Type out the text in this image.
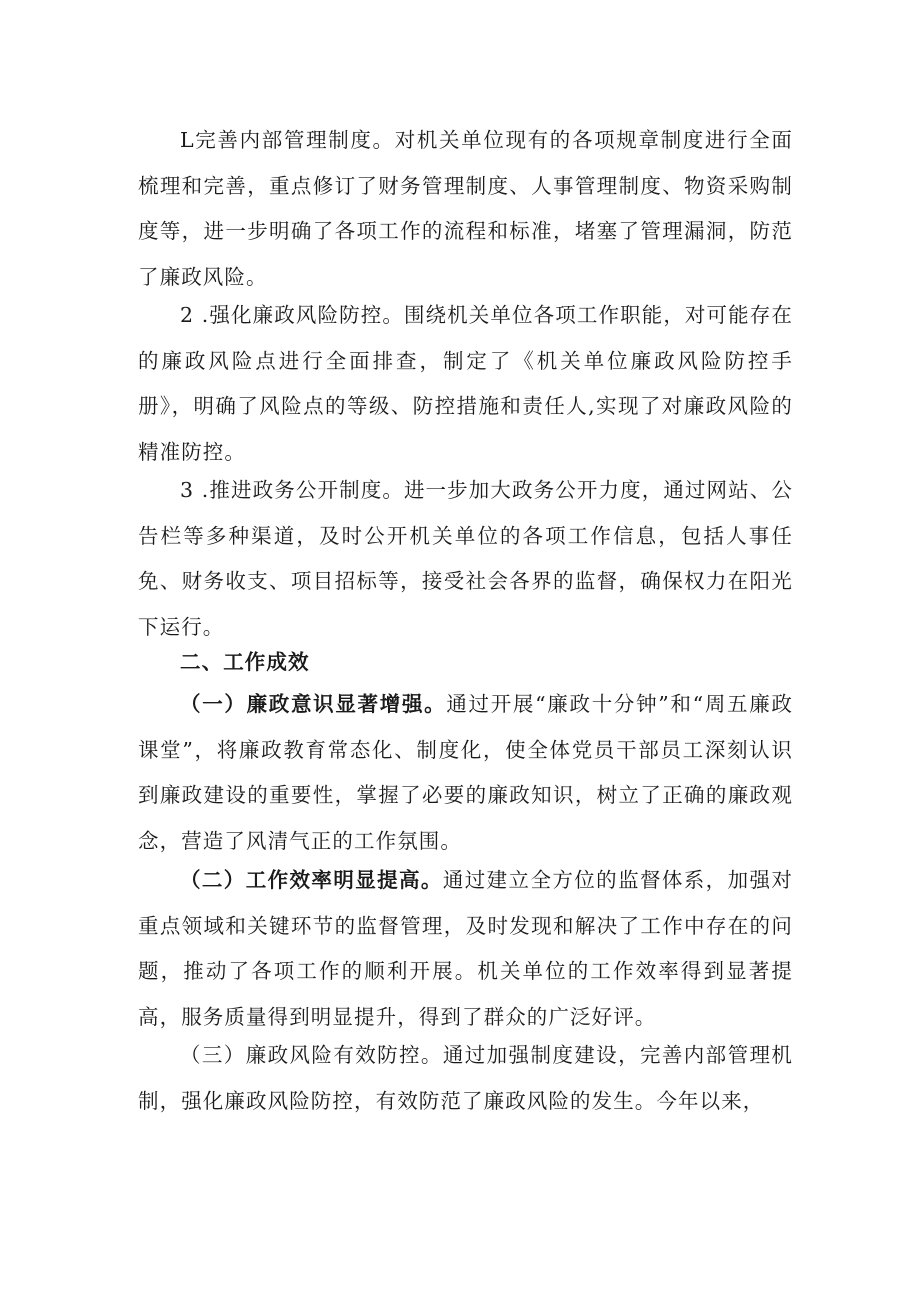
L完善内部管理制度。对机关单位现有的各项规章制度进行全面梳理和完善，重点修订了财务管理制度、人事管理制度、物资采购制度等，进一步明确了各项工作的流程和标准，堵塞了管理漏洞，防范了廉政风险。

2 .强化廉政风险防控。围绕机关单位各项工作职能，对可能存在的廉政风险点进行全面排查，制定了《机关单位廉政风险防控手册》，明确了风险点的等级、防控措施和责任人,实现了对廉政风险的精准防控。

3 .推进政务公开制度。进一步加大政务公开力度，通过网站、公告栏等多种渠道，及时公开机关单位的各项工作信息，包括人事任免、财务收支、项目招标等，接受社会各界的监督，确保权力在阳光下运行。

二、工作成效

（一）廉政意识显著增强。通过开展“廉政十分钟”和“周五廉政课堂”，将廉政教育常态化、制度化，使全体党员干部员工深刻认识到廉政建设的重要性，掌握了必要的廉政知识，树立了正确的廉政观念，营造了风清气正的工作氛围。

（二）工作效率明显提高。通过建立全方位的监督体系，加强对重点领域和关键环节的监督管理，及时发现和解决了工作中存在的问题，推动了各项工作的顺利开展。机关单位的工作效率得到显著提高，服务质量得到明显提升，得到了群众的广泛好评。

（三）廉政风险有效防控。通过加强制度建设，完善内部管理机制，强化廉政风险防控，有效防范了廉政风险的发生。今年以来，
